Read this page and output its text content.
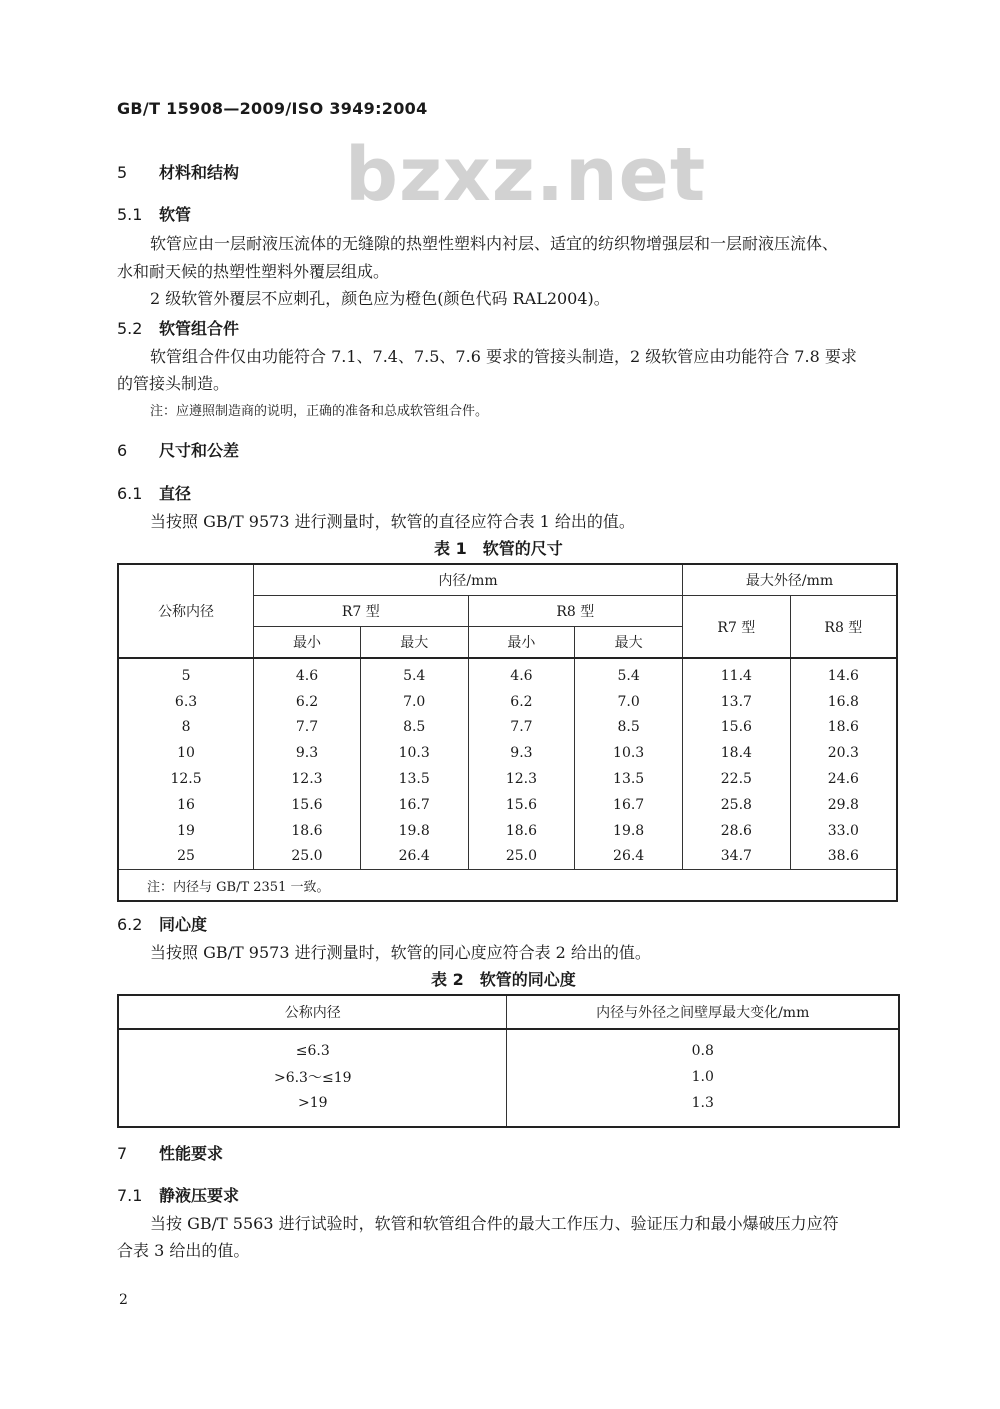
GB/T 15908—2009/ISO 3949:2004
bzxz.net
5 材料和结构
5.1 软管
软管应由一层耐液压流体的无缝隙的热塑性塑料内衬层、适宜的纺织物增强层和一层耐液压流体、
水和耐天候的热塑性塑料外覆层组成。
2 级软管外覆层不应刺孔，颜色应为橙色(颜色代码 RAL2004)。
5.2 软管组合件
软管组合件仅由功能符合 7.1、7.4、7.5、7.6 要求的管接头制造，2 级软管应由功能符合 7.8 要求
的管接头制造。
注：应遵照制造商的说明，正确的准备和总成软管组合件。
6 尺寸和公差
6.1 直径
当按照 GB/T 9573 进行测量时，软管的直径应符合表 1 给出的值。
表 1　软管的尺寸
公称内径	内径/mm				最大外径/mm	
	R7 型		R8 型		R7 型	R8 型
	最小	最大	最小	最大		
5	4.6	5.4	4.6	5.4	11.4	14.6
6.3	6.2	7.0	6.2	7.0	13.7	16.8
8	7.7	8.5	7.7	8.5	15.6	18.6
10	9.3	10.3	9.3	10.3	18.4	20.3
12.5	12.3	13.5	12.3	13.5	22.5	24.6
16	15.6	16.7	15.6	16.7	25.8	29.8
19	18.6	19.8	18.6	19.8	28.6	33.0
25	25.0	26.4	25.0	26.4	34.7	38.6
注：内径与 GB/T 2351 一致。						
6.2 同心度
当按照 GB/T 9573 进行测量时，软管的同心度应符合表 2 给出的值。
表 2　软管的同心度
公称内径	内径与外径之间壁厚最大变化/mm
≤6.3	0.8
>6.3～≤19	1.0
>19	1.3
7 性能要求
7.1 静液压要求
当按 GB/T 5563 进行试验时，软管和软管组合件的最大工作压力、验证压力和最小爆破压力应符
合表 3 给出的值。
2
